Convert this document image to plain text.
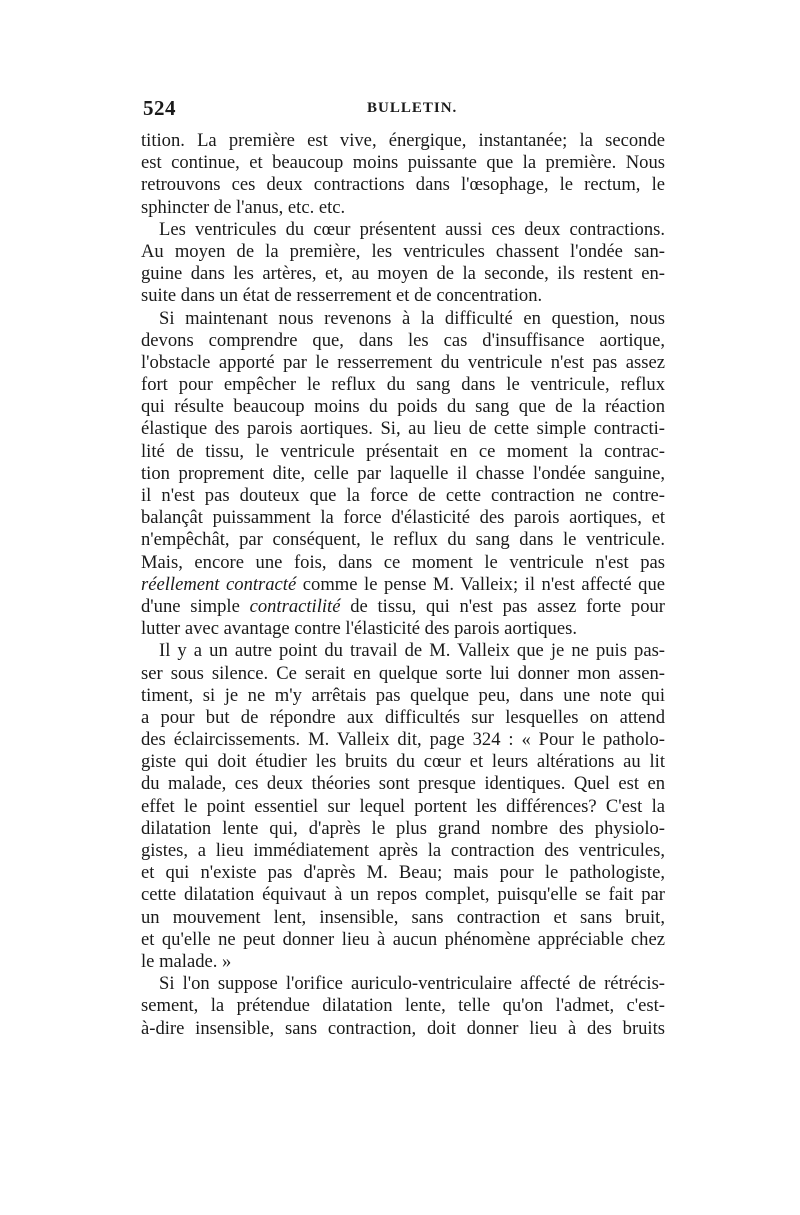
524	BULLETIN.
tition. La première est vive, énergique, instantanée; la seconde
est continue, et beaucoup moins puissante que la première. Nous
retrouvons ces deux contractions dans l'œsophage, le rectum, le
sphincter de l'anus, etc. etc.
Les ventricules du cœur présentent aussi ces deux contractions.
Au moyen de la première, les ventricules chassent l'ondée san-
guine dans les artères, et, au moyen de la seconde, ils restent en-
suite dans un état de resserrement et de concentration.
Si maintenant nous revenons à la difficulté en question, nous
devons comprendre que, dans les cas d'insuffisance aortique,
l'obstacle apporté par le resserrement du ventricule n'est pas assez
fort pour empêcher le reflux du sang dans le ventricule, reflux
qui résulte beaucoup moins du poids du sang que de la réaction
élastique des parois aortiques. Si, au lieu de cette simple contracti-
lité de tissu, le ventricule présentait en ce moment la contrac-
tion proprement dite, celle par laquelle il chasse l'ondée sanguine,
il n'est pas douteux que la force de cette contraction ne contre-
balançât puissamment la force d'élasticité des parois aortiques, et
n'empêchât, par conséquent, le reflux du sang dans le ventricule.
Mais, encore une fois, dans ce moment le ventricule n'est pas
réellement contracté comme le pense M. Valleix; il n'est affecté que
d'une simple contractilité de tissu, qui n'est pas assez forte pour
lutter avec avantage contre l'élasticité des parois aortiques.
Il y a un autre point du travail de M. Valleix que je ne puis pas-
ser sous silence. Ce serait en quelque sorte lui donner mon assen-
timent, si je ne m'y arrêtais pas quelque peu, dans une note qui
a pour but de répondre aux difficultés sur lesquelles on attend
des éclaircissements. M. Valleix dit, page 324 : « Pour le patholo-
giste qui doit étudier les bruits du cœur et leurs altérations au lit
du malade, ces deux théories sont presque identiques. Quel est en
effet le point essentiel sur lequel portent les différences? C'est la
dilatation lente qui, d'après le plus grand nombre des physiolo-
gistes, a lieu immédiatement après la contraction des ventricules,
et qui n'existe pas d'après M. Beau; mais pour le pathologiste,
cette dilatation équivaut à un repos complet, puisqu'elle se fait par
un mouvement lent, insensible, sans contraction et sans bruit,
et qu'elle ne peut donner lieu à aucun phénomène appréciable chez
le malade. »
Si l'on suppose l'orifice auriculo-ventriculaire affecté de rétrécis-
sement, la prétendue dilatation lente, telle qu'on l'admet, c'est-
à-dire insensible, sans contraction, doit donner lieu à des bruits
